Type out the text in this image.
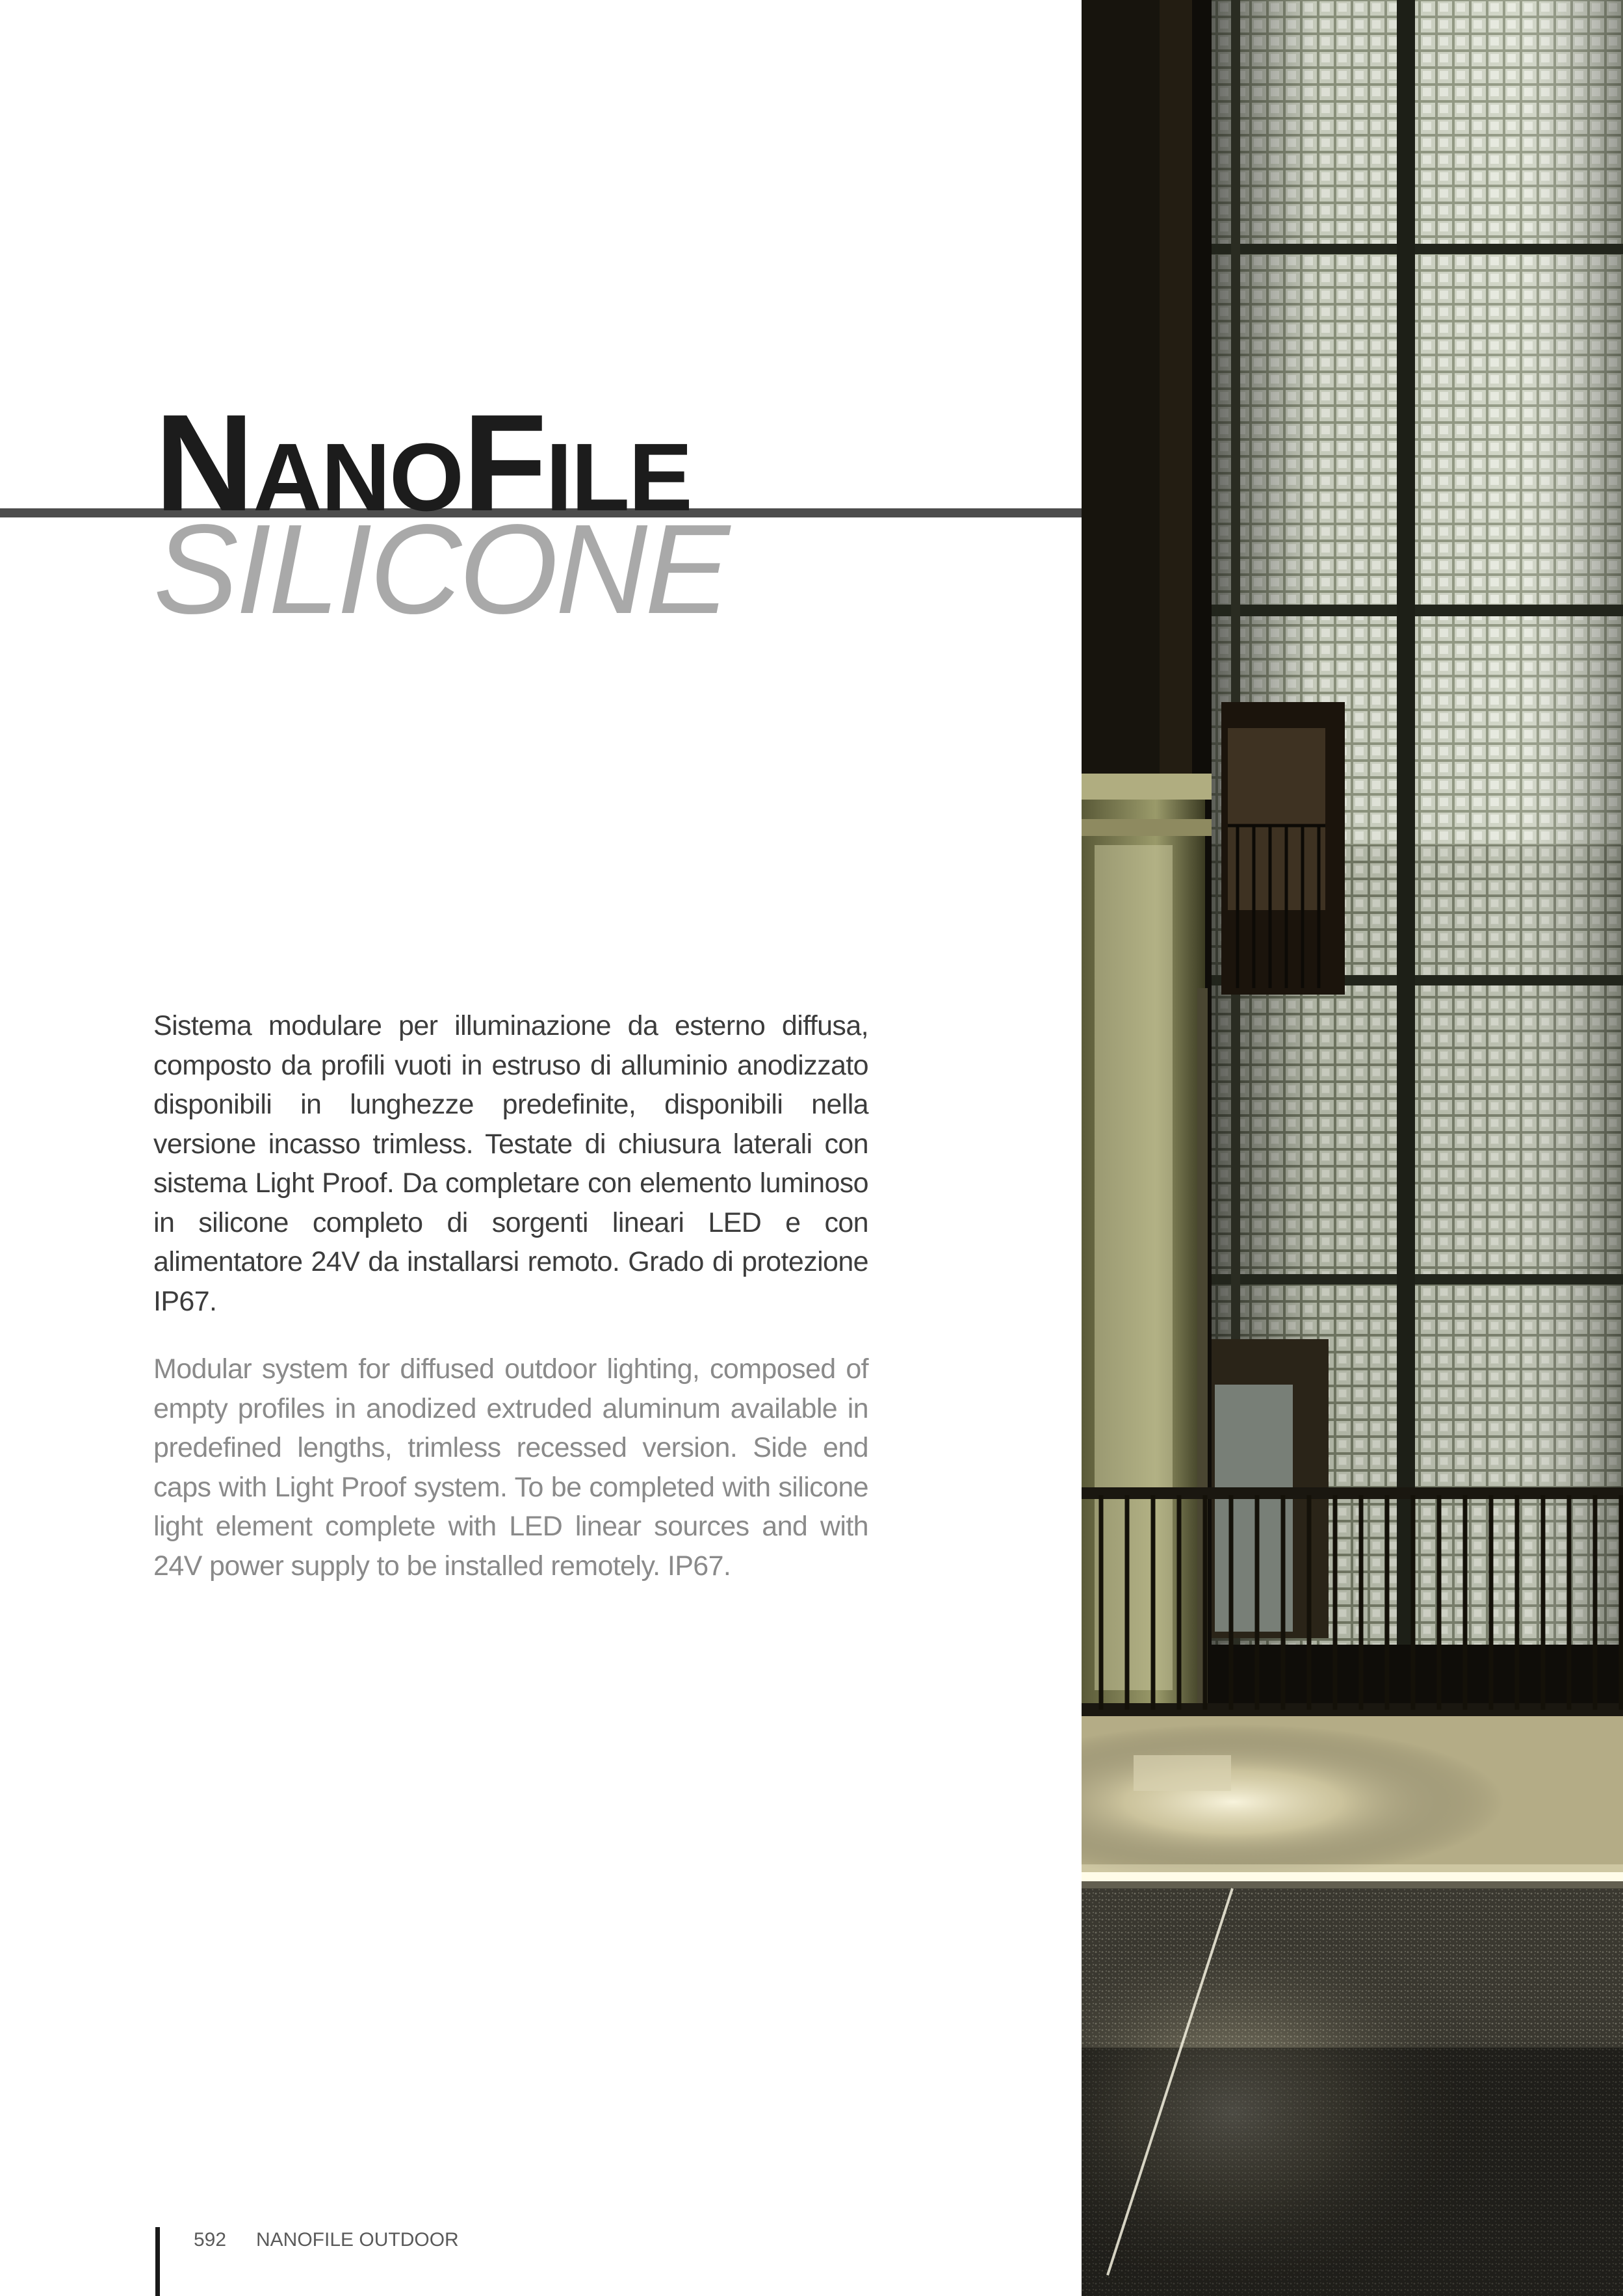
NanoFile
SILICONE

Sistema modulare per illuminazione da esterno diffusa, composto da profili vuoti in estruso di alluminio anodizzato disponibili in lunghezze predefinite, disponibili nella versione incasso trimless. Testate di chiusura laterali con sistema Light Proof. Da completare con elemento luminoso in silicone completo di sorgenti lineari LED e con alimentatore 24V da installarsi remoto. Grado di protezione IP67.

Modular system for diffused outdoor lighting, composed of empty profiles in anodized extruded aluminum available in predefined lengths, trimless recessed version. Side end caps with Light Proof system. To be completed with silicone light element complete with LED linear sources and with 24V power supply to be installed remotely. IP67.

592 NANOFILE OUTDOOR
